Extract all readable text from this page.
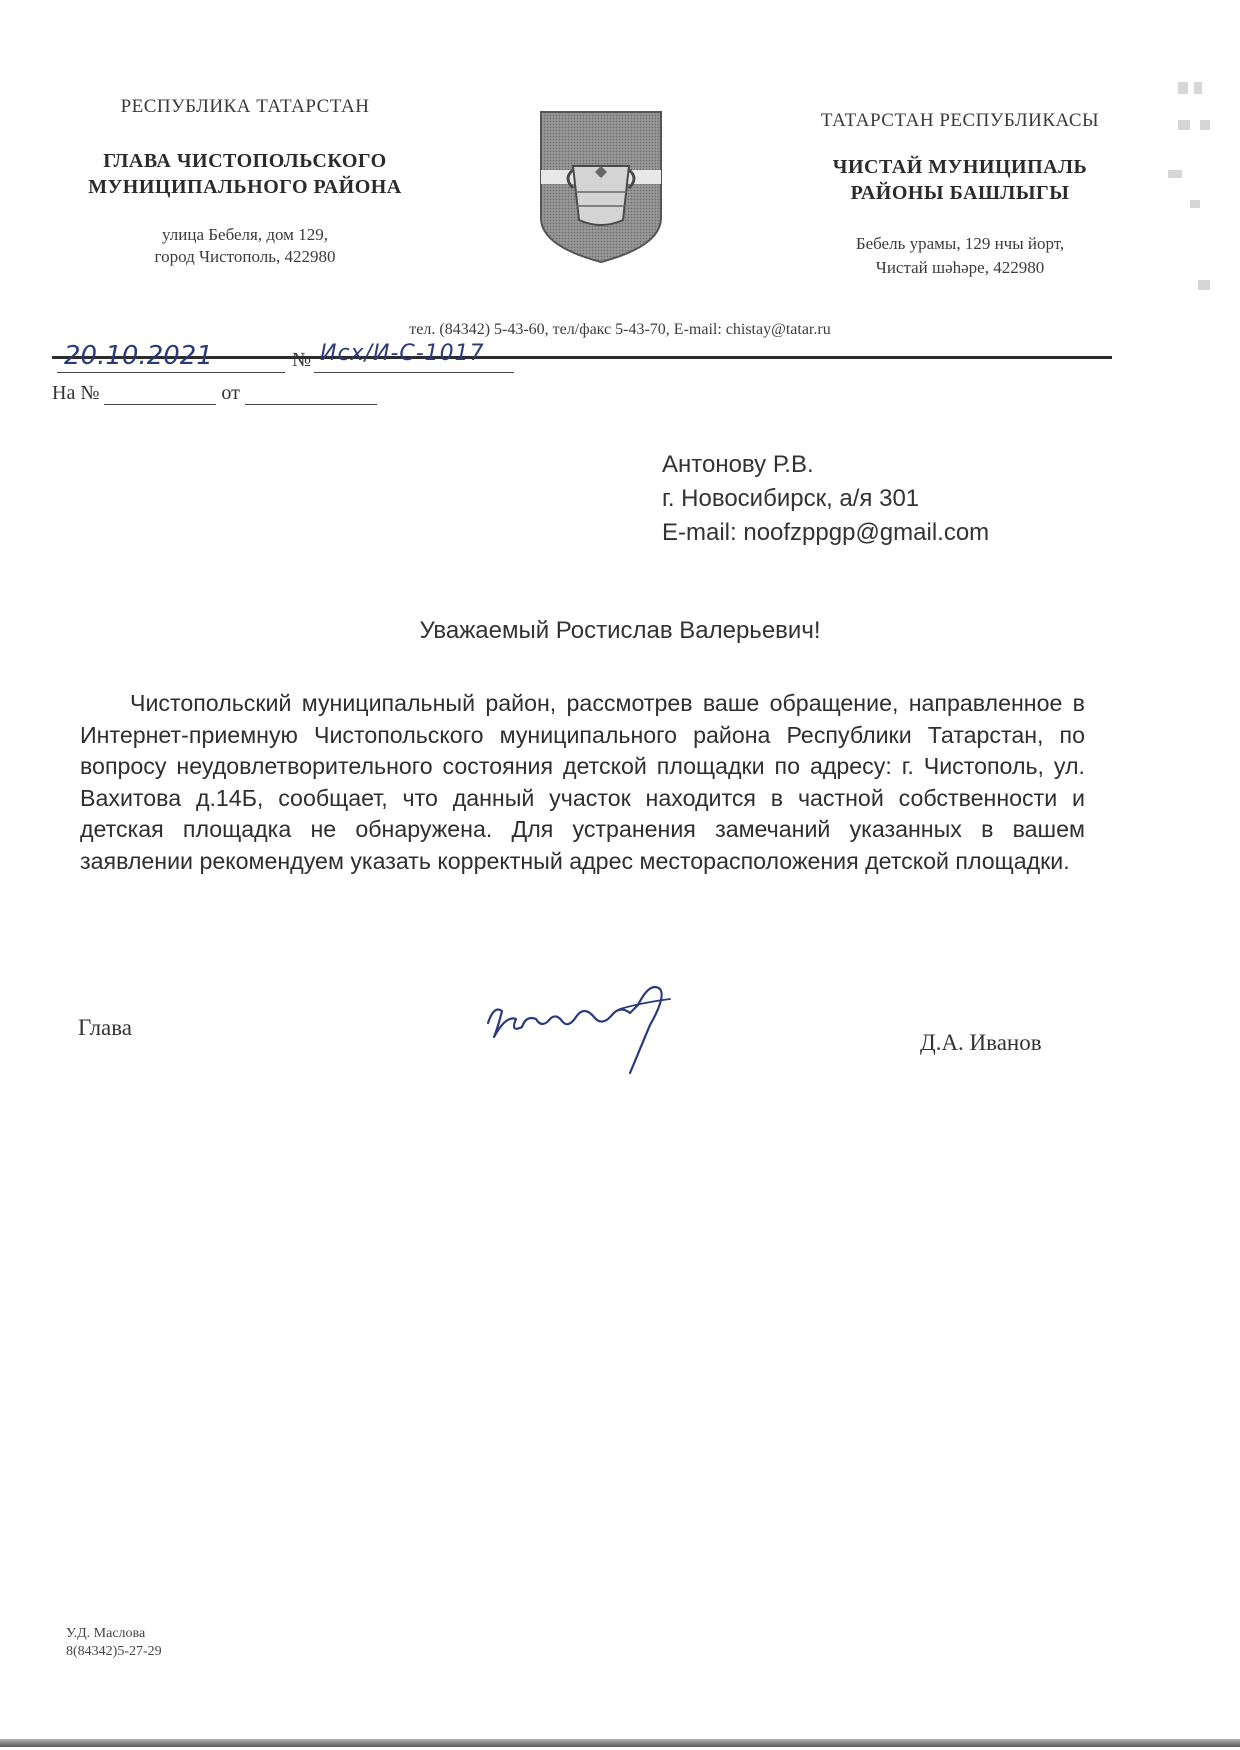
РЕСПУБЛИКА ТАТАРСТАН
ГЛАВА ЧИСТОПОЛЬСКОГО
МУНИЦИПАЛЬНОГО РАЙОНА
улица Бебеля, дом 129,
город Чистополь, 422980
ТАТАРСТАН РЕСПУБЛИКАСЫ
ЧИСТАЙ МУНИЦИПАЛЬ
РАЙОНЫ БАШЛЫГЫ
Бебель урамы, 129 нчы йорт,
Чистай шәһәре, 422980
тел. (84342) 5-43-60, тел/факс 5-43-70, E-mail: chistay@tatar.ru
20.10.2021	№ Исх/И-С-1017
На №	от
Антонову Р.В.
г. Новосибирск, а/я 301
E-mail: noofzppgp@gmail.com
Уважаемый Ростислав Валерьевич!
Чистопольский муниципальный район, рассмотрев ваше обращение, направленное в Интернет-приемную Чистопольского муниципального района Республики Татарстан, по вопросу неудовлетворительного состояния детской площадки по адресу: г. Чистополь, ул. Вахитова д.14Б, сообщает, что данный участок находится в частной собственности и детская площадка не обнаружена. Для устранения замечаний указанных в вашем заявлении рекомендуем указать корректный адрес месторасположения детской площадки.
Глава
Д.А. Иванов
У.Д. Маслова
8(84342)5-27-29
